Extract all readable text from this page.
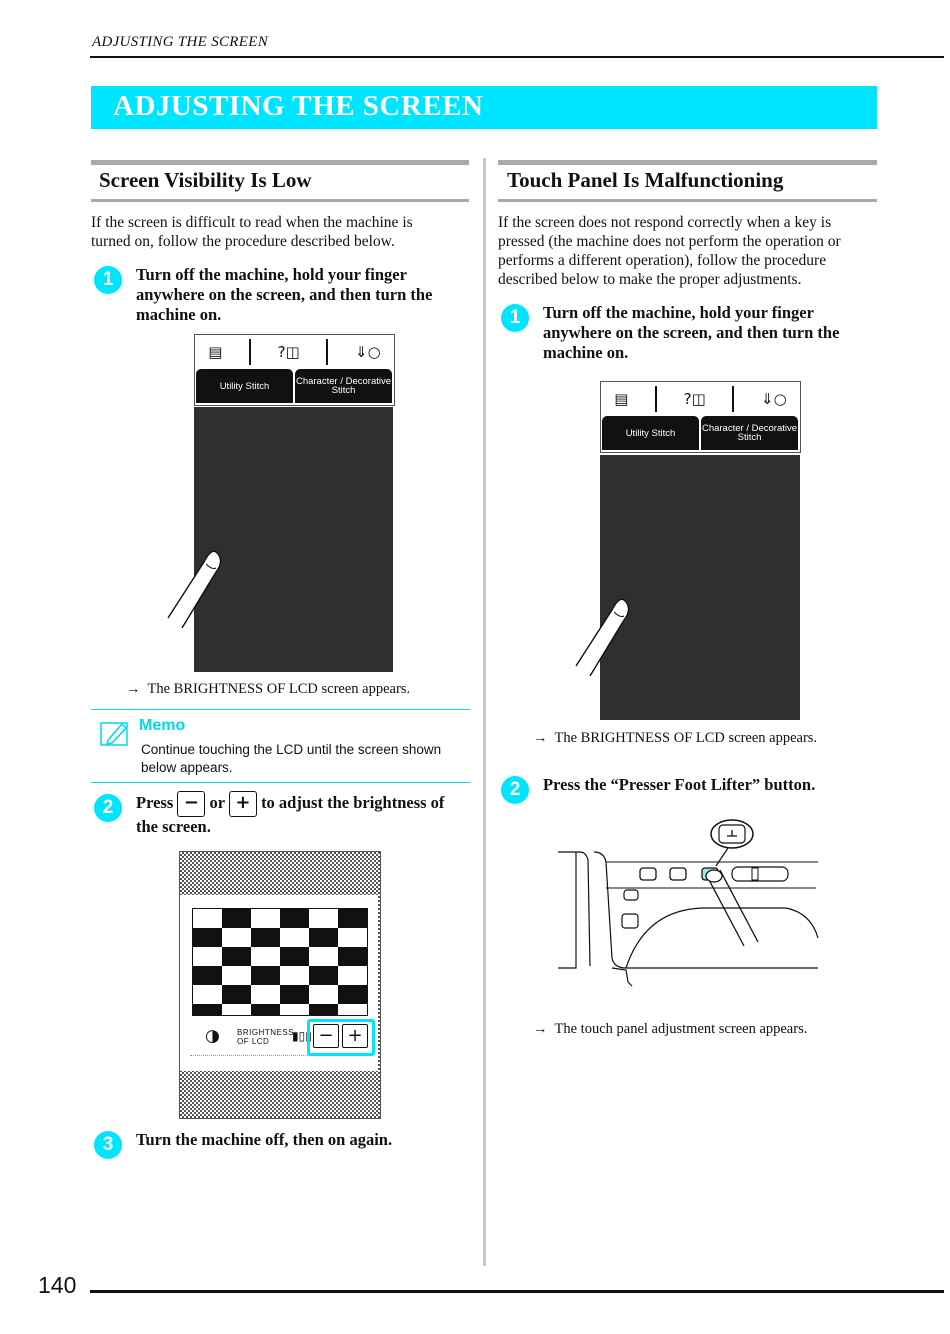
ADJUSTING THE SCREEN
ADJUSTING THE SCREEN
Screen Visibility Is Low
If the screen is difficult to read when the machine is
turned on, follow the procedure described below.
1	Turn off the machine, hold your finger
anywhere on the screen, and then turn the
machine on.
▤	?◫	⇓○
Utility Stitch	Character / Decorative
Stitch
→ The BRIGHTNESS OF LCD screen appears.
Memo
Continue touching the LCD until the screen shown
below appears.
2	Press − or + to adjust the brightness of
the screen.
◑ BRIGHTNESS
OF LCD	▮▯▮ − +
3	Turn the machine off, then on again.
Touch Panel Is Malfunctioning
If the screen does not respond correctly when a key is
pressed (the machine does not perform the operation or
performs a different operation), follow the procedure
described below to make the proper adjustments.
1	Turn off the machine, hold your finger
anywhere on the screen, and then turn the
machine on.
▤	?◫	⇓○
Utility Stitch	Character / Decorative
Stitch
→ The BRIGHTNESS OF LCD screen appears.
2	Press the “Presser Foot Lifter” button.
→ The touch panel adjustment screen appears.
140
